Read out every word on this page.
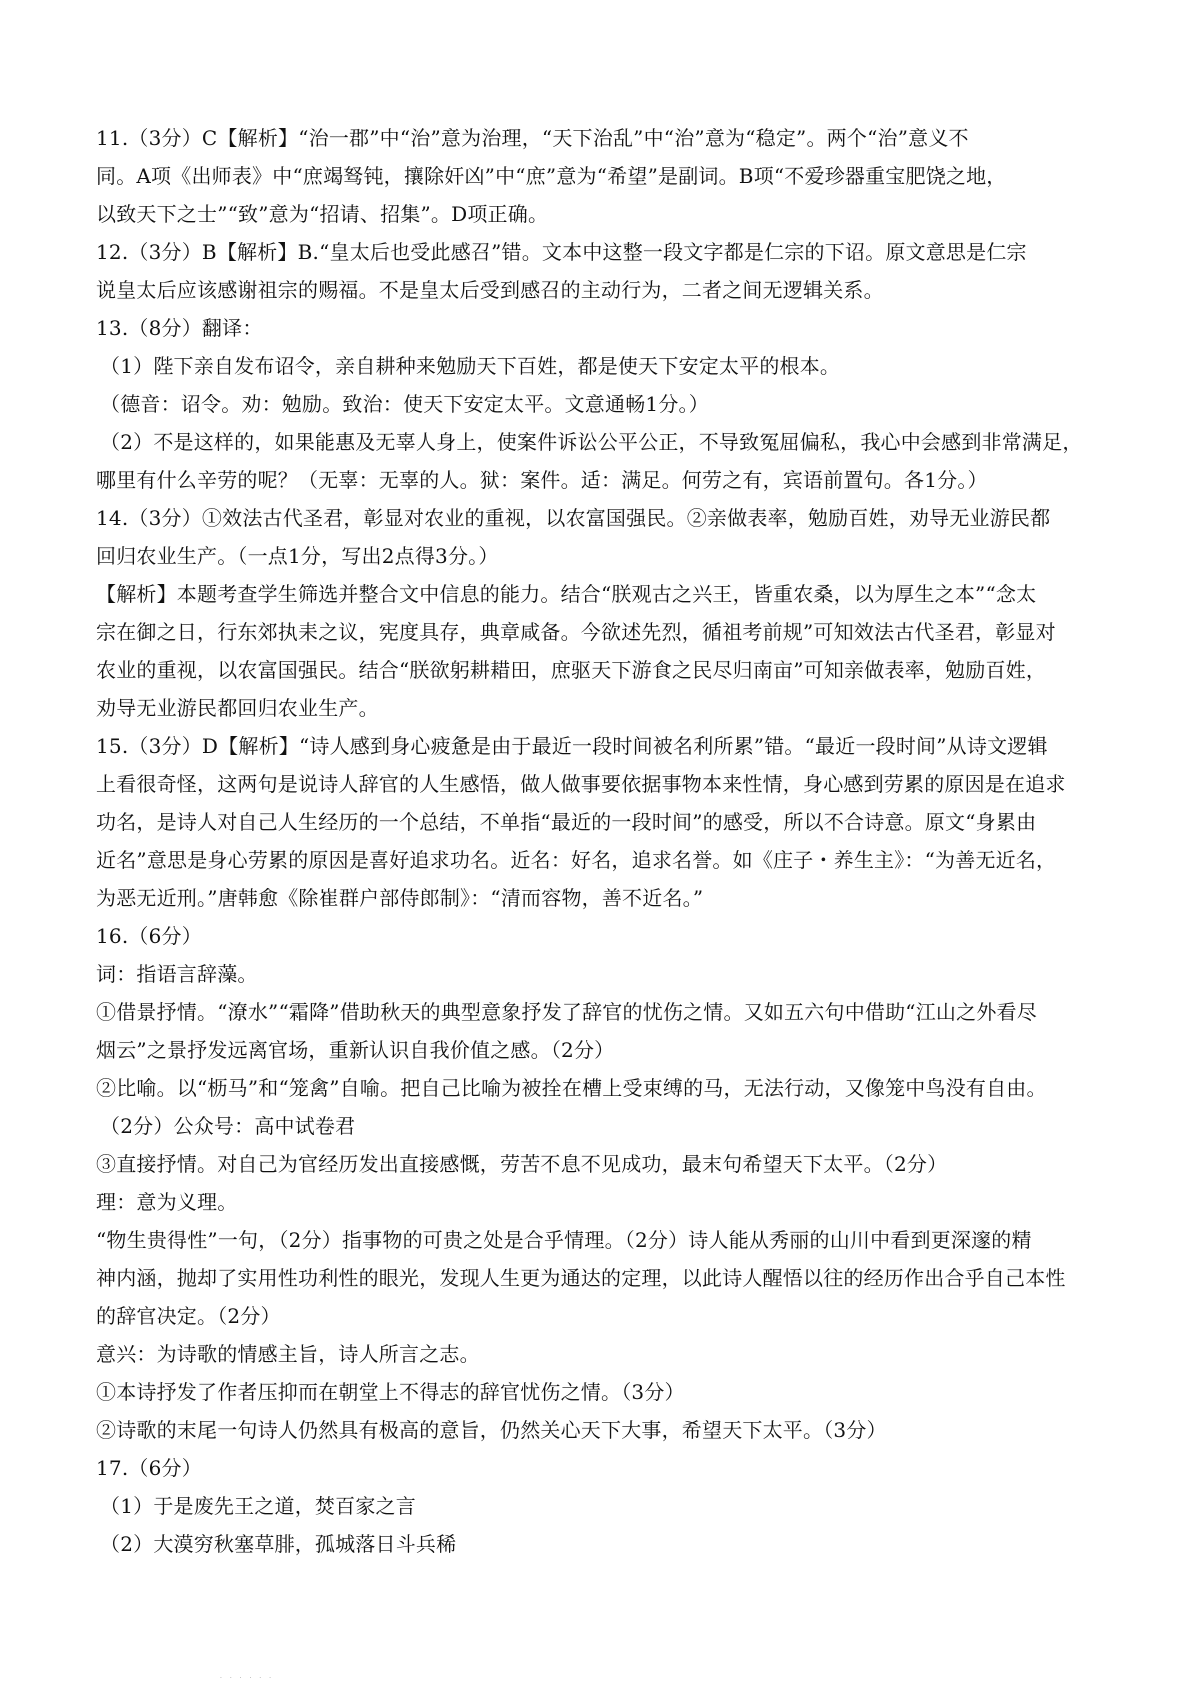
11.（3分）C【解析】“治一郡”中“治”意为治理，“天下治乱”中“治”意为“稳定”。两个“治”意义不
同。A项《出师表》中“庶竭驽钝，攘除奸凶”中“庶”意为“希望”是副词。B项“不爱珍器重宝肥饶之地，
以致天下之士”“致”意为“招请、招集”。D项正确。
12.（3分）B【解析】B.“皇太后也受此感召”错。文本中这整一段文字都是仁宗的下诏。原文意思是仁宗
说皇太后应该感谢祖宗的赐福。不是皇太后受到感召的主动行为，二者之间无逻辑关系。
13.（8分）翻译：
（1）陛下亲自发布诏令，亲自耕种来勉励天下百姓，都是使天下安定太平的根本。
（德音：诏令。劝：勉励。致治：使天下安定太平。文意通畅1分。）
（2）不是这样的，如果能惠及无辜人身上，使案件诉讼公平公正，不导致冤屈偏私，我心中会感到非常满足，
哪里有什么辛劳的呢？（无辜：无辜的人。狱：案件。适：满足。何劳之有，宾语前置句。各1分。）
14.（3分）①效法古代圣君，彰显对农业的重视，以农富国强民。②亲做表率，勉励百姓，劝导无业游民都
回归农业生产。（一点1分，写出2点得3分。）
【解析】本题考查学生筛选并整合文中信息的能力。结合“朕观古之兴王，皆重农桑，以为厚生之本”“念太
宗在御之日，行东郊执耒之议，宪度具存，典章咸备。今欲述先烈，循祖考前规”可知效法古代圣君，彰显对
农业的重视，以农富国强民。结合“朕欲躬耕耤田，庶驱天下游食之民尽归南亩”可知亲做表率，勉励百姓，
劝导无业游民都回归农业生产。
15.（3分）D【解析】“诗人感到身心疲惫是由于最近一段时间被名利所累”错。“最近一段时间”从诗文逻辑
上看很奇怪，这两句是说诗人辞官的人生感悟，做人做事要依据事物本来性情，身心感到劳累的原因是在追求
功名，是诗人对自己人生经历的一个总结，不单指“最近的一段时间”的感受，所以不合诗意。原文“身累由
近名”意思是身心劳累的原因是喜好追求功名。近名：好名，追求名誉。如《庄子・养生主》：“为善无近名，
为恶无近刑。”唐韩愈《除崔群户部侍郎制》：“清而容物，善不近名。”
16.（6分）
词：指语言辞藻。
①借景抒情。“潦水”“霜降”借助秋天的典型意象抒发了辞官的忧伤之情。又如五六句中借助“江山之外看尽
烟云”之景抒发远离官场，重新认识自我价值之感。（2分）
②比喻。以“枥马”和“笼禽”自喻。把自己比喻为被拴在槽上受束缚的马，无法行动，又像笼中鸟没有自由。
（2分）公众号：高中试卷君
③直接抒情。对自己为官经历发出直接感慨，劳苦不息不见成功，最末句希望天下太平。（2分）
理：意为义理。
“物生贵得性”一句，（2分）指事物的可贵之处是合乎情理。（2分）诗人能从秀丽的山川中看到更深邃的精
神内涵，抛却了实用性功利性的眼光，发现人生更为通达的定理，以此诗人醒悟以往的经历作出合乎自己本性
的辞官决定。（2分）
意兴：为诗歌的情感主旨，诗人所言之志。
①本诗抒发了作者压抑而在朝堂上不得志的辞官忧伤之情。（3分）
②诗歌的末尾一句诗人仍然具有极高的意旨，仍然关心天下大事，希望天下太平。（3分）
17.（6分）
（1）于是废先王之道，焚百家之言
（2）大漠穷秋塞草腓，孤城落日斗兵稀
· · · · · ·
